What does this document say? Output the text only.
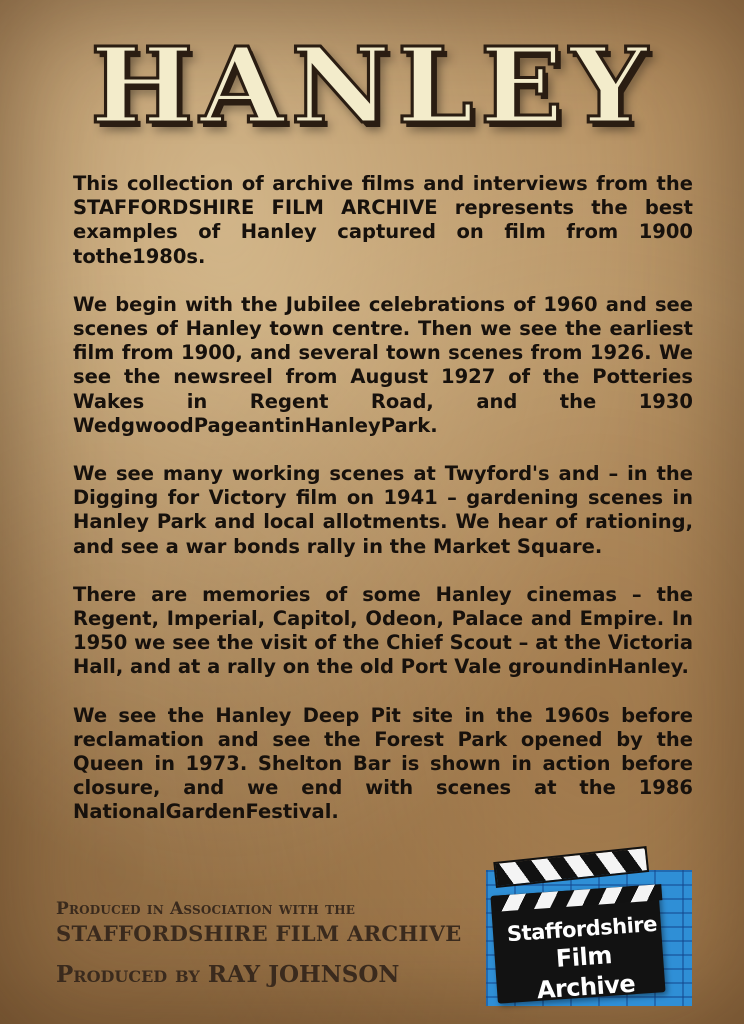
HANLEY

This collection of archive films and interviews from the STAFFORDSHIRE FILM ARCHIVE represents the best examples of Hanley captured on film from 1900 tothe1980s.

We begin with the Jubilee celebrations of 1960 and see scenes of Hanley town centre. Then we see the earliest film from 1900, and several town scenes from 1926. We see the newsreel from August 1927 of the Potteries Wakes in Regent Road, and the 1930 WedgwoodPageantinHanleyPark.

We see many working scenes at Twyford's and – in the Digging for Victory film on 1941 – gardening scenes in Hanley Park and local allotments. We hear of rationing, and see a war bonds rally in the Market Square.

There are memories of some Hanley cinemas – the Regent, Imperial, Capitol, Odeon, Palace and Empire. In 1950 we see the visit of the Chief Scout – at the Victoria Hall, and at a rally on the old Port Vale groundinHanley.

We see the Hanley Deep Pit site in the 1960s before reclamation and see the Forest Park opened by the Queen in 1973. Shelton Bar is shown in action before closure, and we end with scenes at the 1986 NationalGardenFestival.

Produced in Association with the
STAFFORDSHIRE FILM ARCHIVE
Produced by RAY JOHNSON
Staffordshire
Film Archive
